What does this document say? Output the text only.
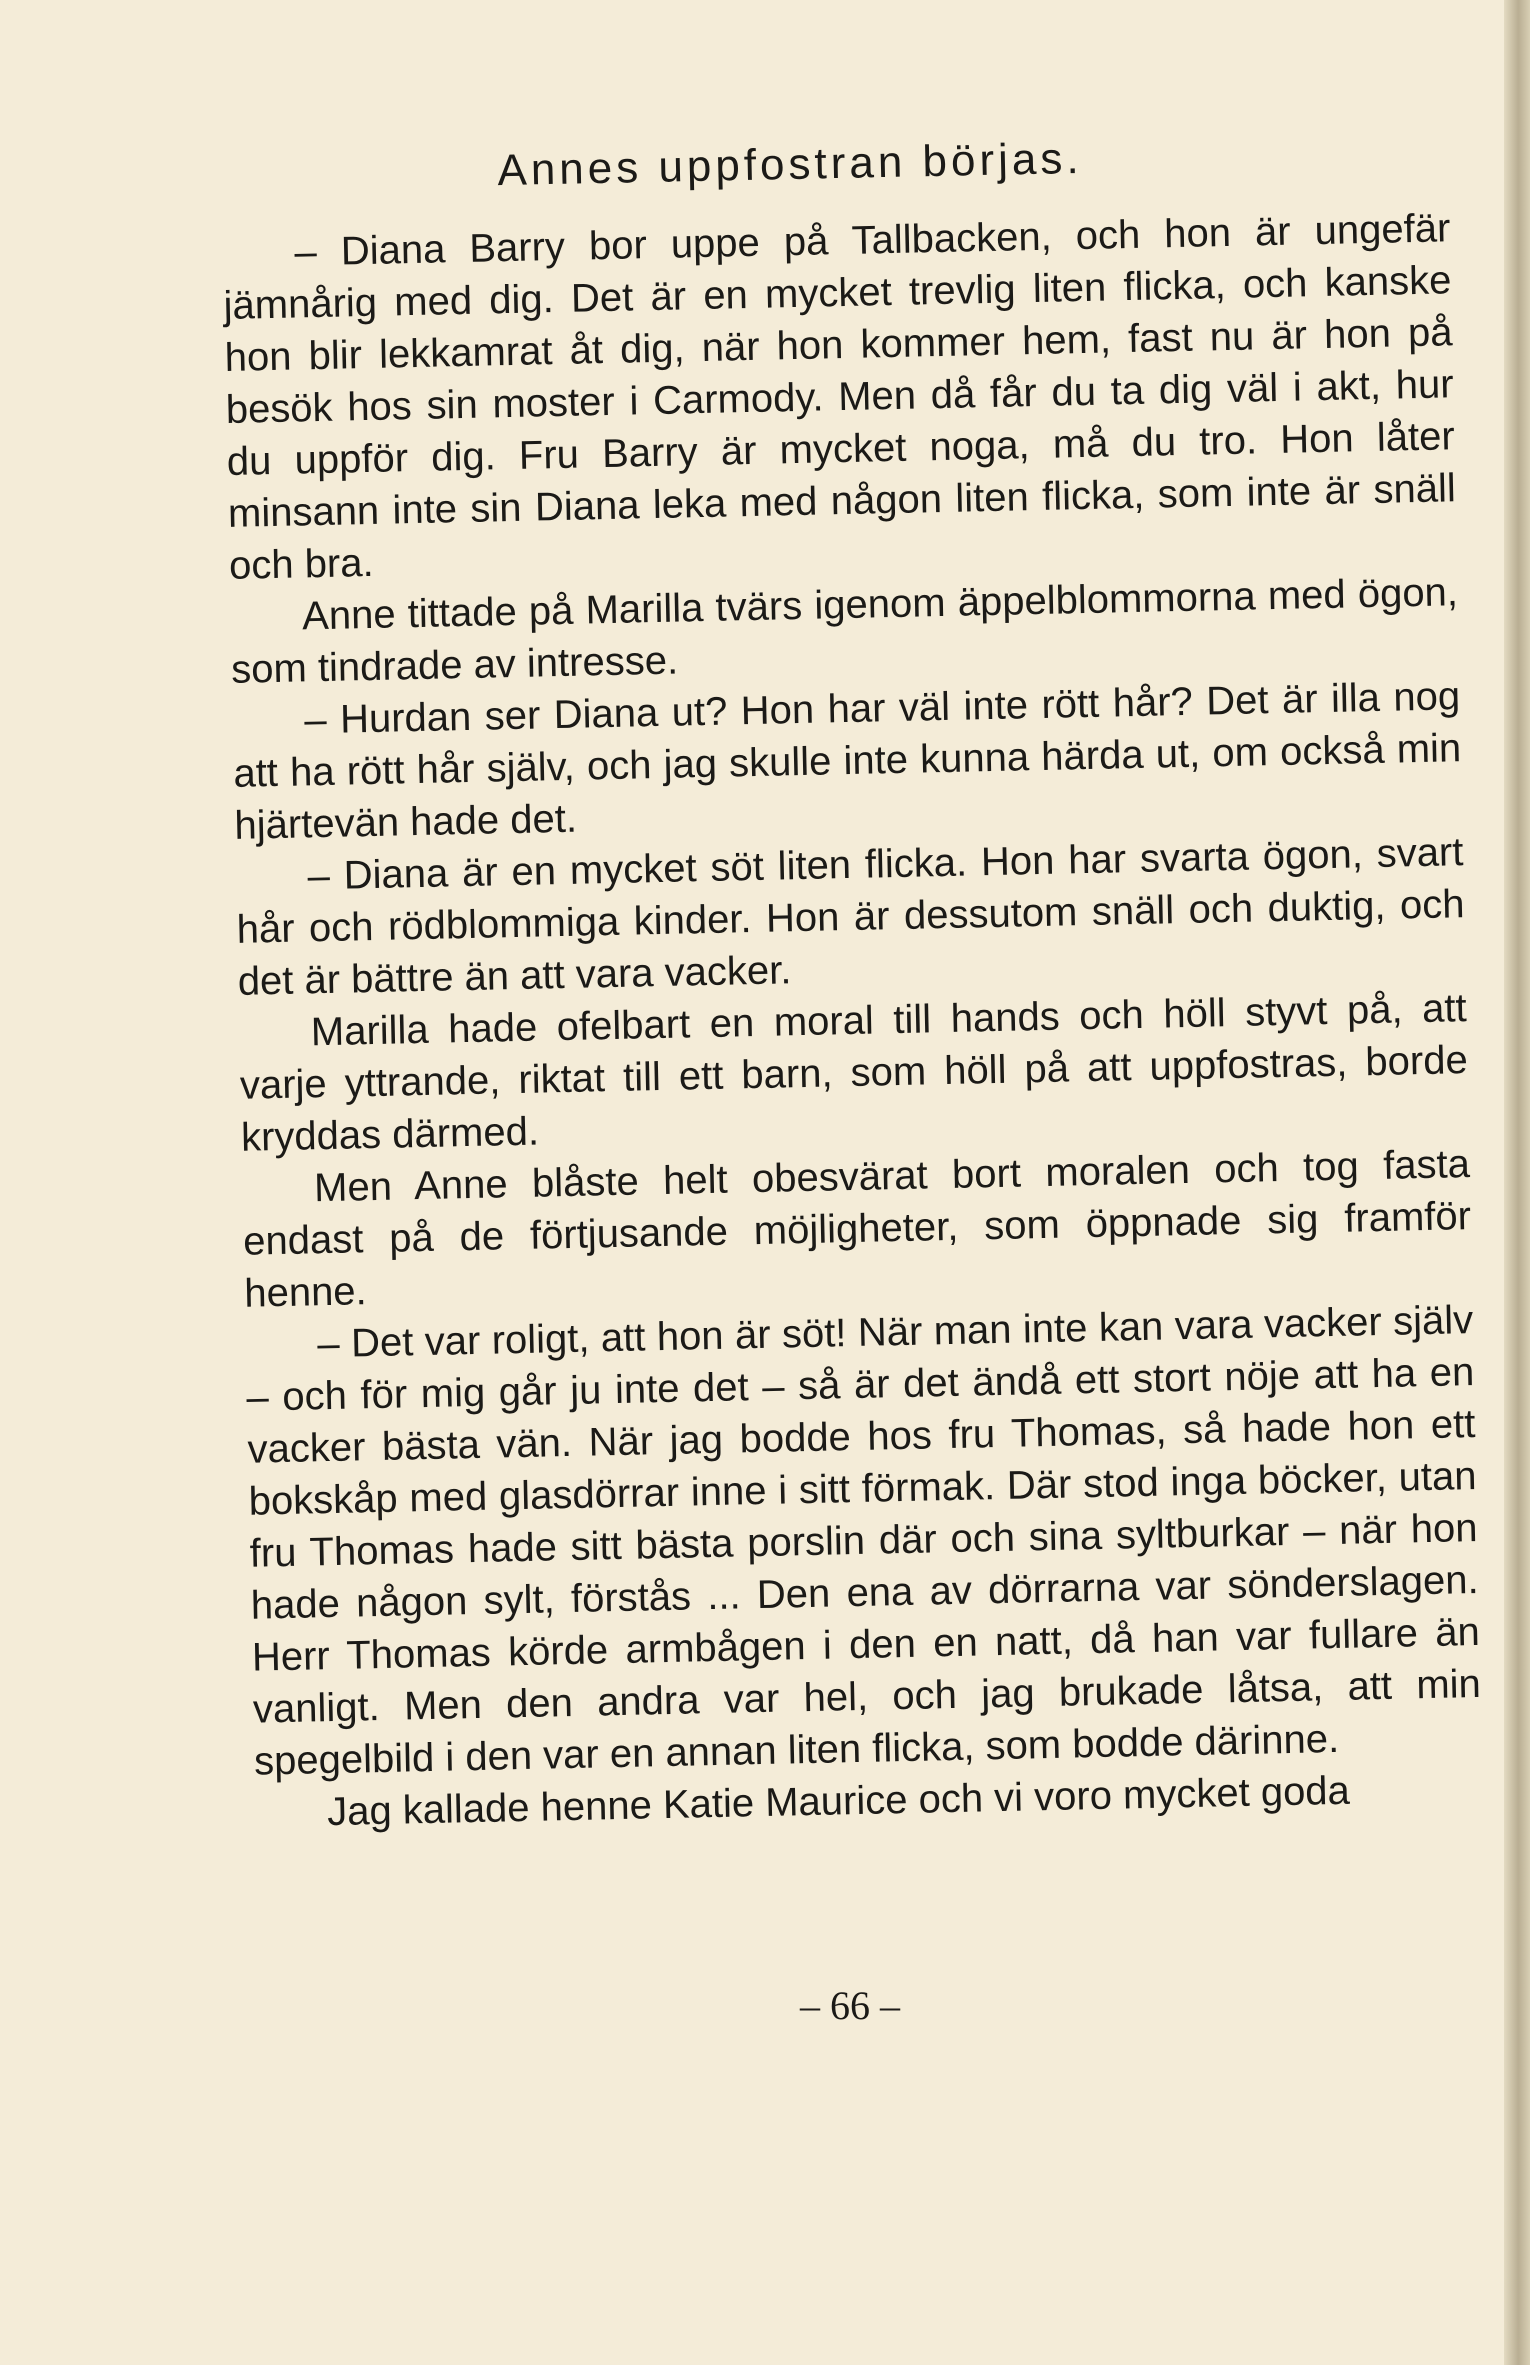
Annes uppfostran börjas.

– Diana Barry bor uppe på Tallbacken, och hon är ungefär jämnårig med dig. Det är en mycket trevlig liten flicka, och kanske hon blir lekkamrat åt dig, när hon kommer hem, fast nu är hon på besök hos sin moster i Carmody. Men då får du ta dig väl i akt, hur du uppför dig. Fru Barry är mycket noga, må du tro. Hon låter minsann inte sin Diana leka med någon liten flicka, som inte är snäll och bra.

Anne tittade på Marilla tvärs igenom äppelblommorna med ögon, som tindrade av intresse.

– Hurdan ser Diana ut? Hon har väl inte rött hår? Det är illa nog att ha rött hår själv, och jag skulle inte kunna härda ut, om också min hjärtevän hade det.

– Diana är en mycket söt liten flicka. Hon har svarta ögon, svart hår och rödblommiga kinder. Hon är dessutom snäll och duktig, och det är bättre än att vara vacker.

Marilla hade ofelbart en moral till hands och höll styvt på, att varje yttrande, riktat till ett barn, som höll på att uppfostras, borde kryddas därmed.

Men Anne blåste helt obesvärat bort moralen och tog fasta endast på de förtjusande möjligheter, som öppnade sig framför henne.

– Det var roligt, att hon är söt! När man inte kan vara vacker själv – och för mig går ju inte det – så är det ändå ett stort nöje att ha en vacker bästa vän. När jag bodde hos fru Thomas, så hade hon ett bokskåp med glasdörrar inne i sitt förmak. Där stod inga böcker, utan fru Thomas hade sitt bästa porslin där och sina syltburkar – när hon hade någon sylt, förstås ... Den ena av dörrarna var sönderslagen. Herr Thomas körde armbågen i den en natt, då han var fullare än vanligt. Men den andra var hel, och jag brukade låtsa, att min spegelbild i den var en annan liten flicka, som bodde därinne.

Jag kallade henne Katie Maurice och vi voro mycket goda

– 66 –
